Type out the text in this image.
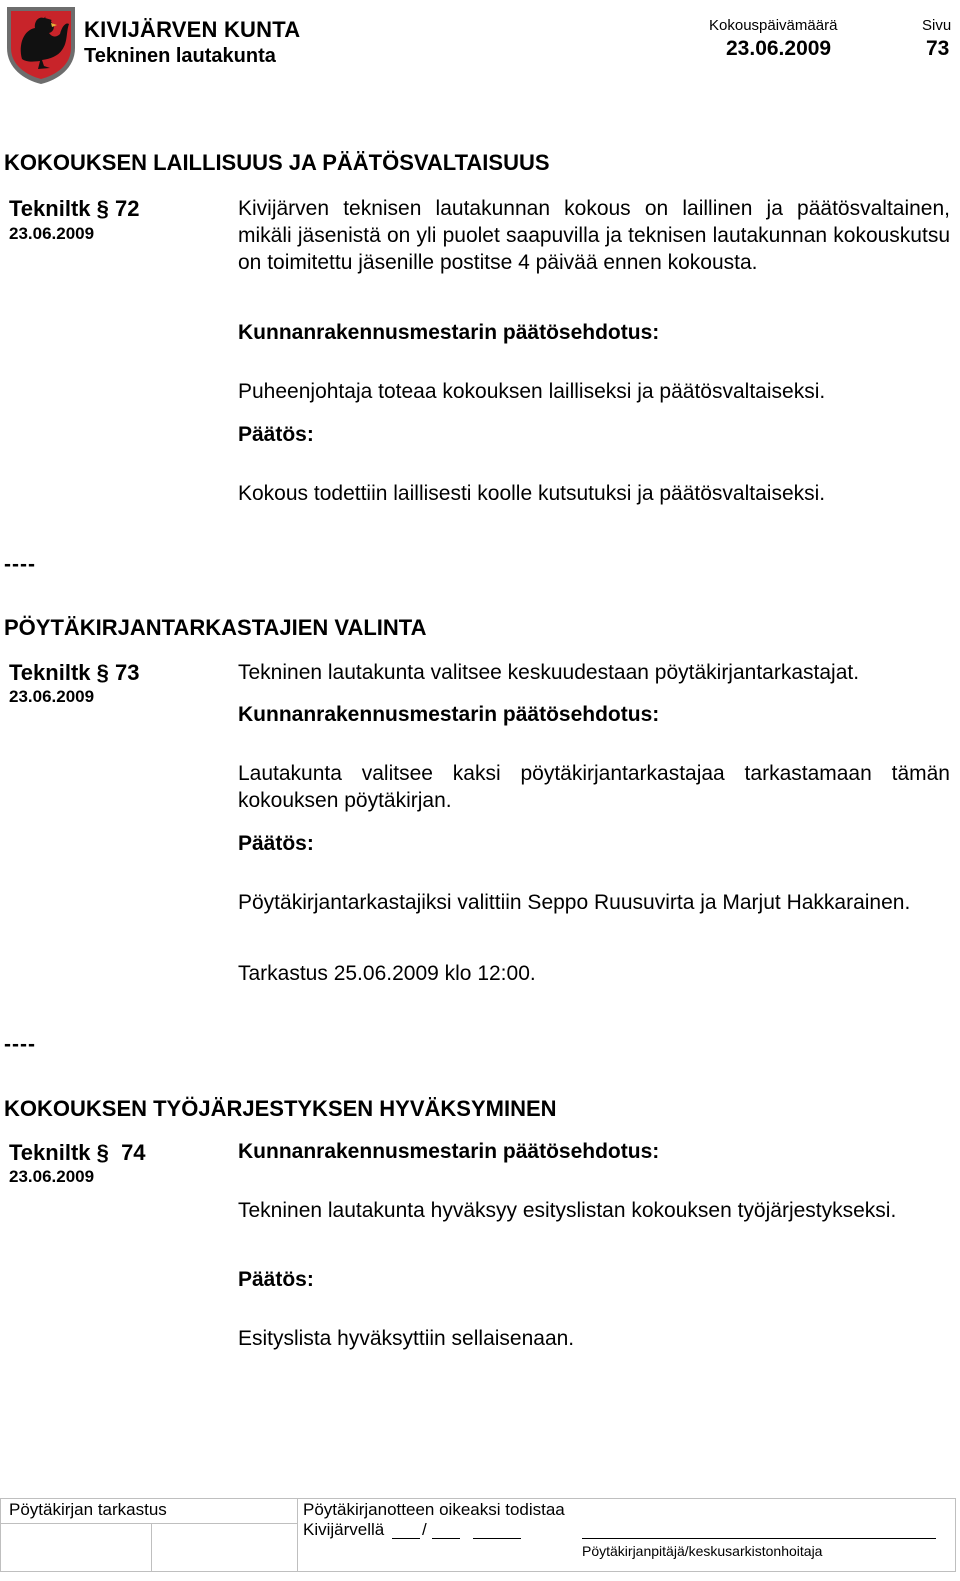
KIVIJÄRVEN KUNTA
Tekninen lautakunta
Kokouspäivämäärä	Sivu
23.06.2009	73
KOKOUKSEN LAILLISUUS JA PÄÄTÖSVALTAISUUS
Tekniltk § 72
23.06.2009
Kivijärven teknisen lautakunnan kokous on laillinen ja päätösvaltainen, mikäli jäsenistä on yli puolet saapuvilla ja teknisen lautakunnan kokouskutsu on toimitettu jäsenille postitse 4 päivää ennen kokousta.
Kunnanrakennusmestarin päätösehdotus:
Puheenjohtaja toteaa kokouksen lailliseksi ja päätösvaltaiseksi.
Päätös:
Kokous todettiin laillisesti koolle kutsutuksi ja päätösvaltaiseksi.
----
PÖYTÄKIRJANTARKASTAJIEN VALINTA
Tekniltk § 73
23.06.2009
Tekninen lautakunta valitsee keskuudestaan pöytäkirjantarkastajat.
Kunnanrakennusmestarin päätösehdotus:
Lautakunta valitsee kaksi pöytäkirjantarkastajaa tarkastamaan tämän kokouksen pöytäkirjan.
Päätös:
Pöytäkirjantarkastajiksi valittiin Seppo Ruusuvirta ja Marjut Hakkarainen.
Tarkastus 25.06.2009 klo 12:00.
----
KOKOUKSEN TYÖJÄRJESTYKSEN HYVÄKSYMINEN
Tekniltk §  74
23.06.2009
Kunnanrakennusmestarin päätösehdotus:
Tekninen lautakunta hyväksyy esityslistan kokouksen työjärjestykseksi.
Päätös:
Esityslista hyväksyttiin sellaisenaan.
Pöytäkirjan tarkastus	Pöytäkirjanotteen oikeaksi todistaa
Kivijärvellä /
Pöytäkirjanpitäjä/keskusarkistonhoitaja
